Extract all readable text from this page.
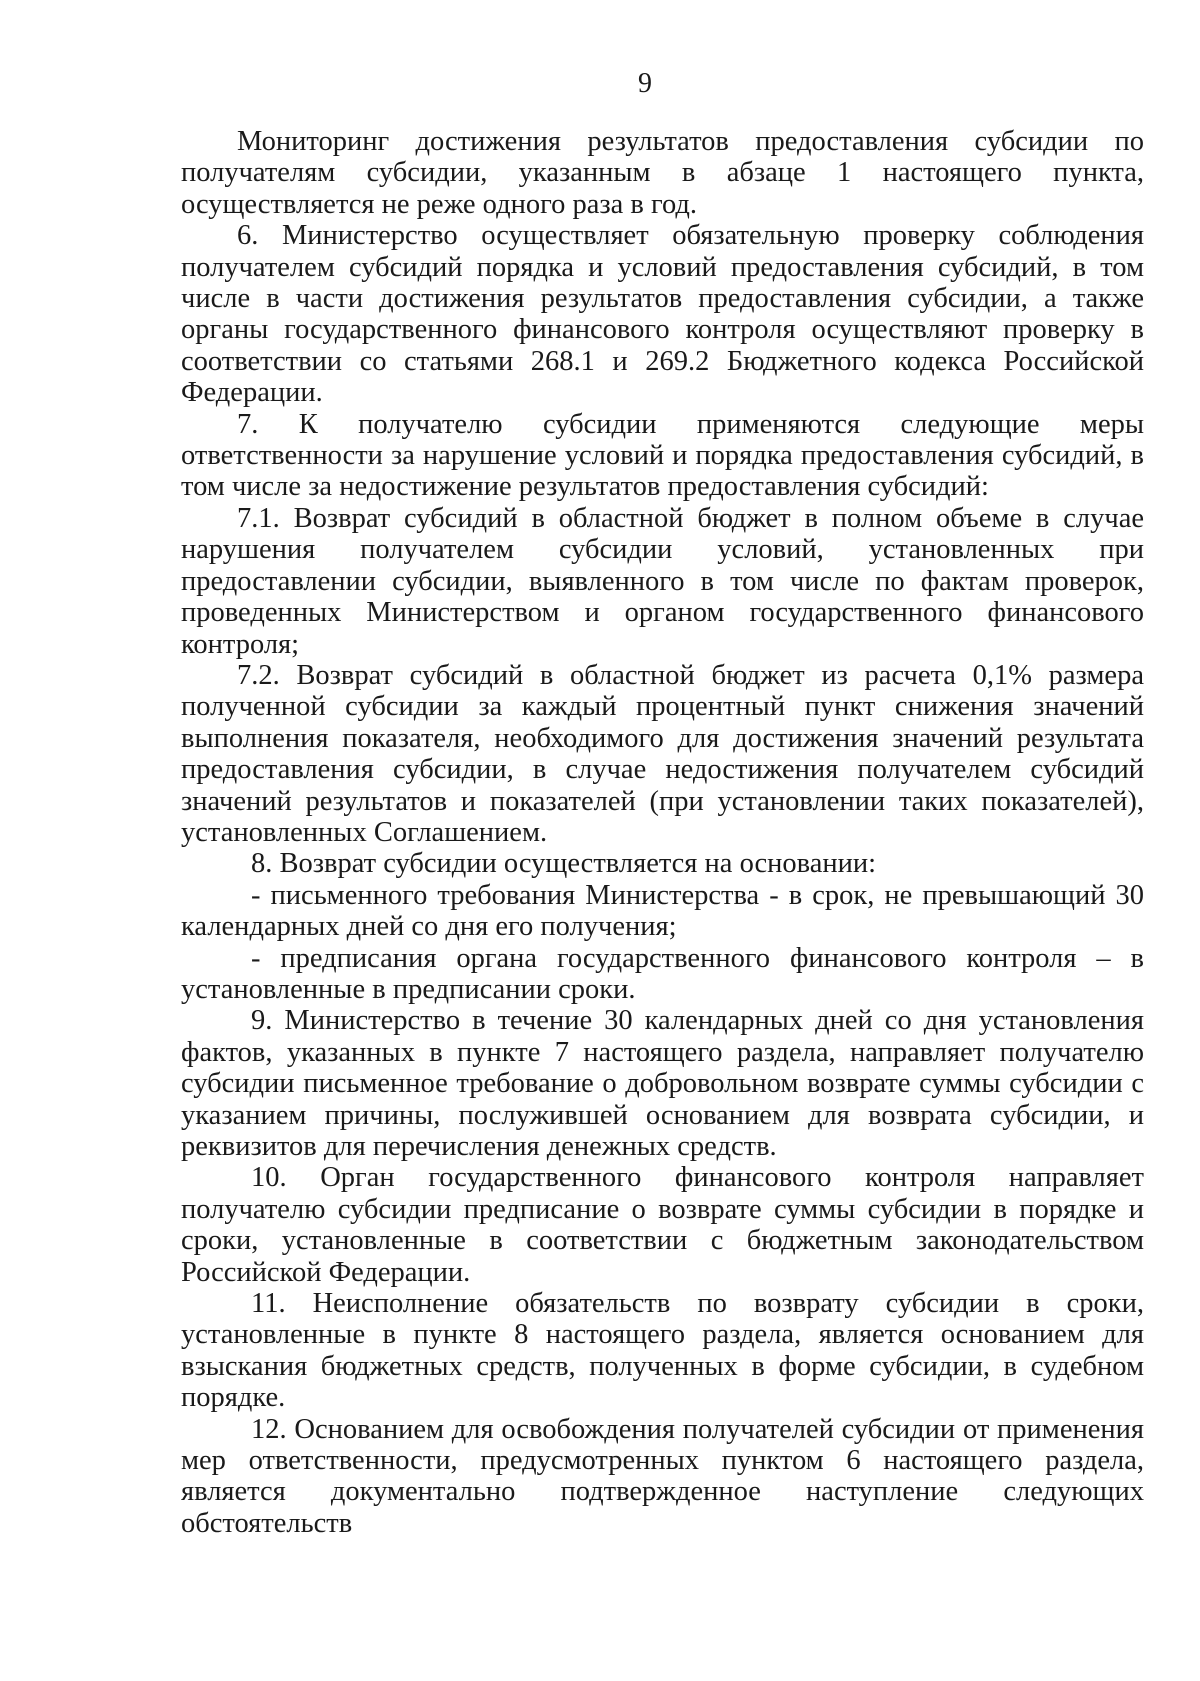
9

Мониторинг достижения результатов предоставления субсидии по получателям субсидии, указанным в абзаце 1 настоящего пункта, осуществляется не реже одного раза в год.

6. Министерство осуществляет обязательную проверку соблюдения получателем субсидий порядка и условий предоставления субсидий, в том числе в части достижения результатов предоставления субсидии, а также органы государственного финансового контроля осуществляют проверку в соответствии со статьями 268.1 и 269.2 Бюджетного кодекса Российской Федерации.

7. К получателю субсидии применяются следующие меры ответственности за нарушение условий и порядка предоставления субсидий, в том числе за недостижение результатов предоставления субсидий:

7.1. Возврат субсидий в областной бюджет в полном объеме в случае нарушения получателем субсидии условий, установленных при предоставлении субсидии, выявленного в том числе по фактам проверок, проведенных Министерством и органом государственного финансового контроля;

7.2. Возврат субсидий в областной бюджет из расчета 0,1% размера полученной субсидии за каждый процентный пункт снижения значений выполнения показателя, необходимого для достижения значений результата предоставления субсидии, в случае недостижения получателем субсидий значений результатов и показателей (при установлении таких показателей), установленных Соглашением.

8. Возврат субсидии осуществляется на основании:

- письменного требования Министерства - в срок, не превышающий 30 календарных дней со дня его получения;

- предписания органа государственного финансового контроля – в установленные в предписании сроки.

9. Министерство в течение 30 календарных дней со дня установления фактов, указанных в пункте 7 настоящего раздела, направляет получателю субсидии письменное требование о добровольном возврате суммы субсидии с указанием причины, послужившей основанием для возврата субсидии, и реквизитов для перечисления денежных средств.

10. Орган государственного финансового контроля направляет получателю субсидии предписание о возврате суммы субсидии в порядке и сроки, установленные в соответствии с бюджетным законодательством Российской Федерации.

11. Неисполнение обязательств по возврату субсидии в сроки, установленные в пункте 8 настоящего раздела, является основанием для взыскания бюджетных средств, полученных в форме субсидии, в судебном порядке.

12. Основанием для освобождения получателей субсидии от применения мер ответственности, предусмотренных пунктом 6 настоящего раздела, является документально подтвержденное наступление следующих обстоятельств
